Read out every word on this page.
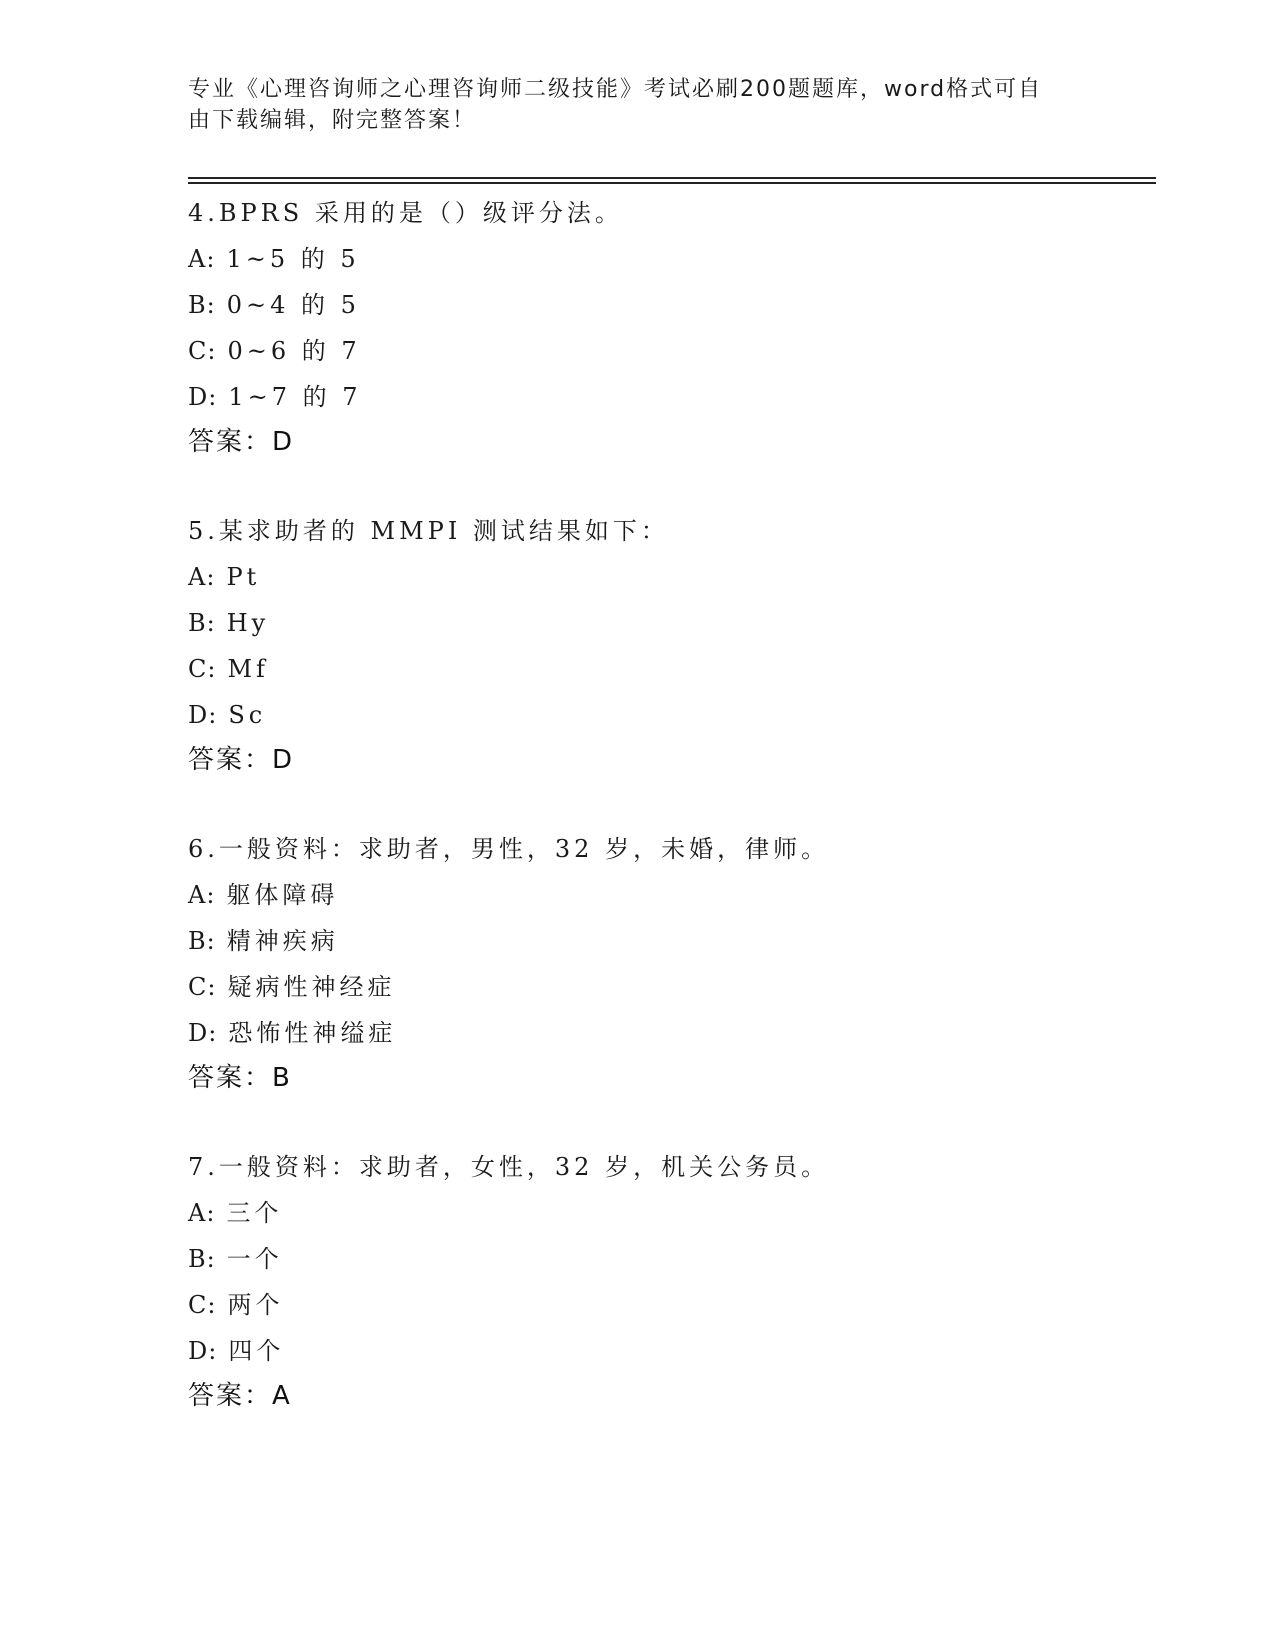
专业《心理咨询师之心理咨询师二级技能》考试必刷200题题库，word格式可自
由下载编辑，附完整答案！
4.BPRS 采用的是（）级评分法。
A: 1~5 的 5
B: 0~4 的 5
C: 0~6 的 7
D: 1~7 的 7
答案：D
5.某求助者的 MMPI 测试结果如下：
A: Pt
B: Hy
C: Mf
D: Sc
答案：D
6.一般资料：求助者，男性，32 岁，未婚，律师。
A: 躯体障碍
B: 精神疾病
C: 疑病性神经症
D: 恐怖性神缢症
答案：B
7.一般资料：求助者，女性，32 岁，机关公务员。
A: 三个
B: 一个
C: 两个
D: 四个
答案：A
